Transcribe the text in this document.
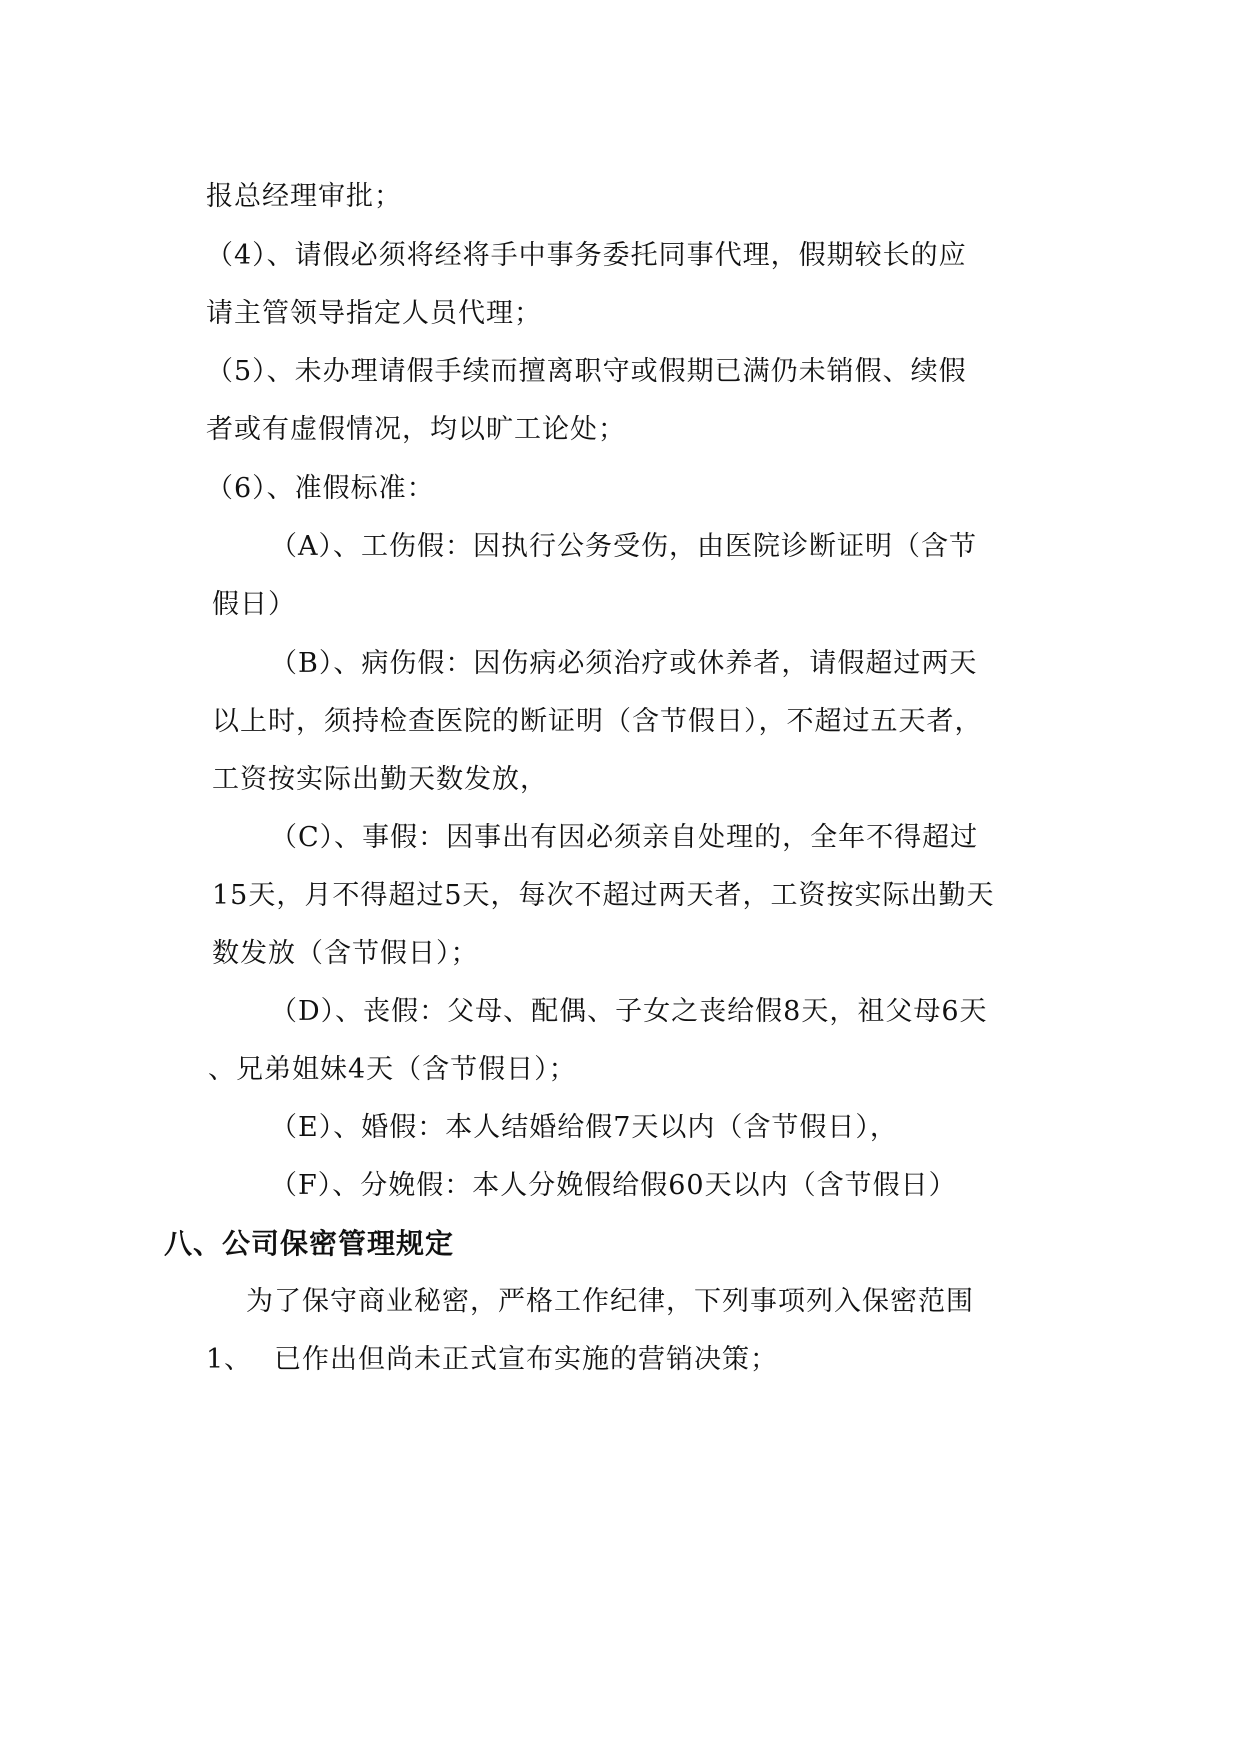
报总经理审批；
（4）、请假必须将经将手中事务委托同事代理，假期较长的应
请主管领导指定人员代理；
（5）、未办理请假手续而擅离职守或假期已满仍未销假、续假
者或有虚假情况，均以旷工论处；
（6）、准假标准：
（A）、工伤假：因执行公务受伤，由医院诊断证明（含节
假日）
（B）、病伤假：因伤病必须治疗或休养者，请假超过两天
以上时，须持检查医院的断证明（含节假日），不超过五天者，
工资按实际出勤天数发放，
（C）、事假：因事出有因必须亲自处理的，全年不得超过
15天，月不得超过5天，每次不超过两天者，工资按实际出勤天
数发放（含节假日）；
（D）、丧假：父母、配偶、子女之丧给假8天，祖父母6天
、兄弟姐妹4天（含节假日）；
（E）、婚假：本人结婚给假7天以内（含节假日），
（F）、分娩假：本人分娩假给假60天以内（含节假日）
八、公司保密管理规定
为了保守商业秘密，严格工作纪律，下列事项列入保密范围
1、 已作出但尚未正式宣布实施的营销决策；
